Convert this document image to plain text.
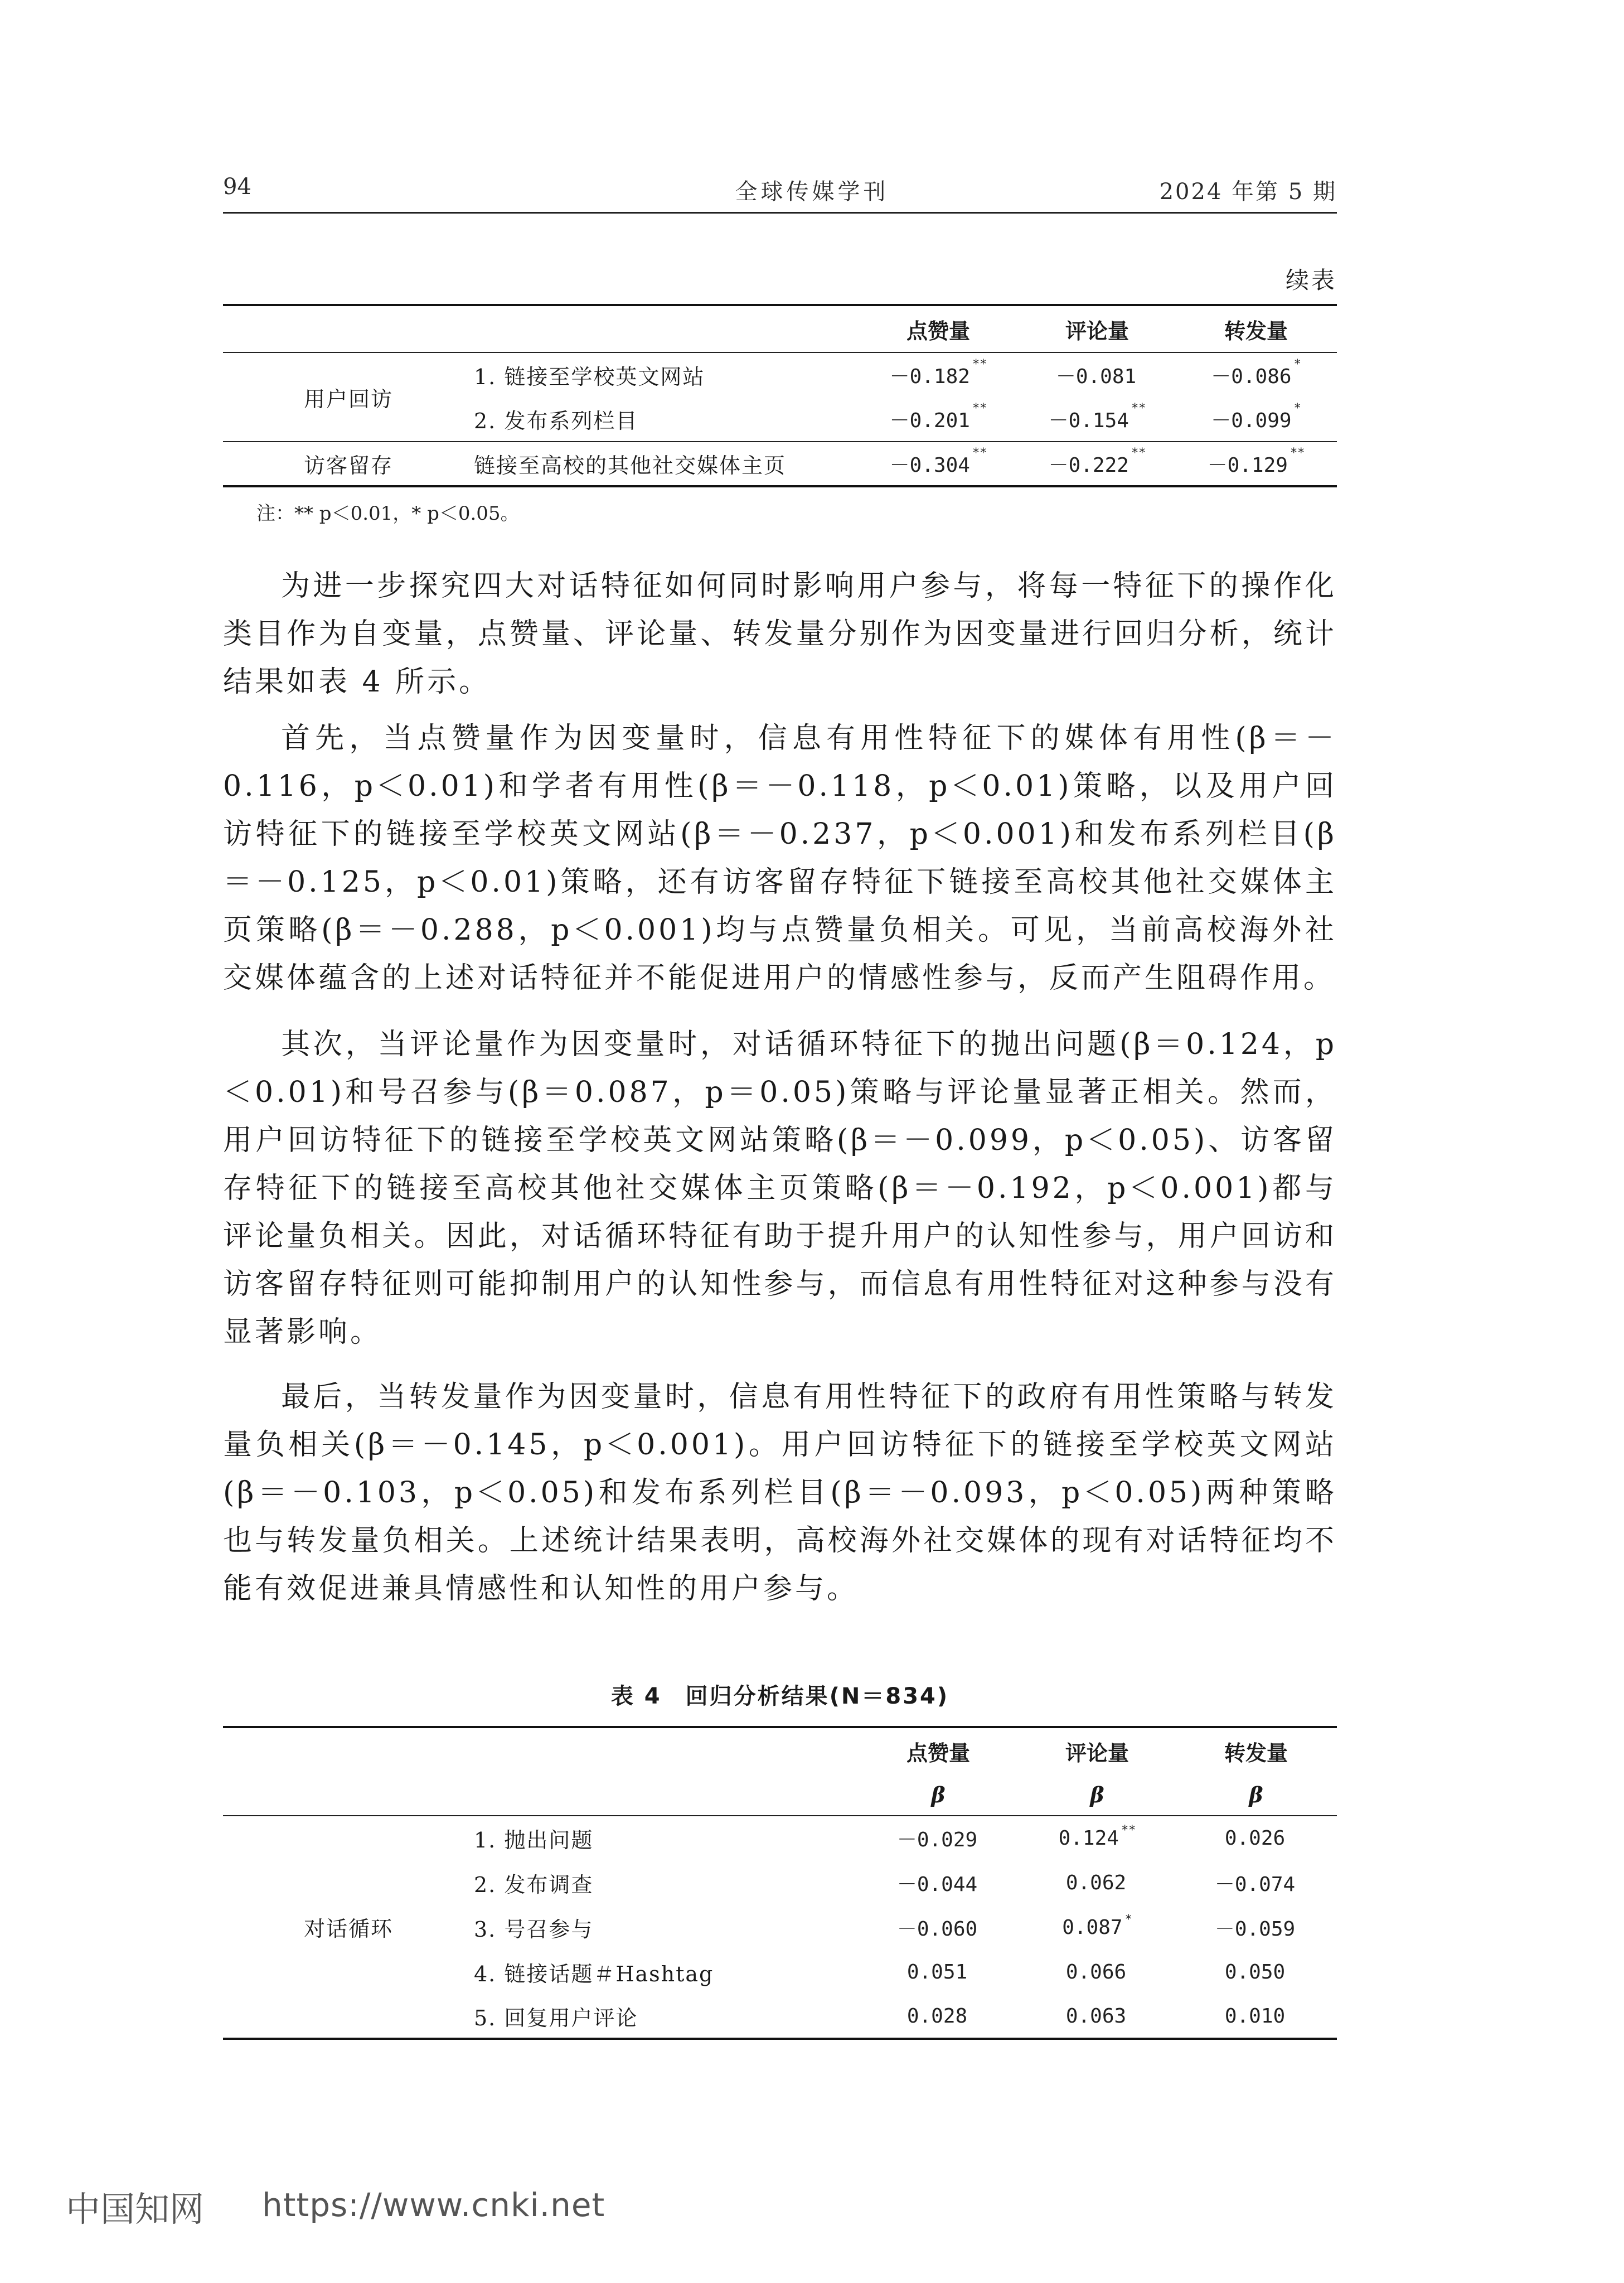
94	全球传媒学刊	2024 年第 5 期
续表
		点赞量	评论量	转发量
用户回访	1. 链接至学校英文网站	－0.182**	－0.081	－0.086*
	2. 发布系列栏目	－0.201**	－0.154**	－0.099*
访客留存	链接至高校的其他社交媒体主页	－0.304**	－0.222**	－0.129**
注：** p＜0.01，* p＜0.05。

为进一步探究四大对话特征如何同时影响用户参与，将每一特征下的操作化类目作为自变量，点赞量、评论量、转发量分别作为因变量进行回归分析，统计结果如表 4 所示。

首先，当点赞量作为因变量时，信息有用性特征下的媒体有用性(β＝－0.116，p＜0.01)和学者有用性(β＝－0.118，p＜0.01)策略，以及用户回访特征下的链接至学校英文网站(β＝－0.237，p＜0.001)和发布系列栏目(β＝－0.125，p＜0.01)策略，还有访客留存特征下链接至高校其他社交媒体主页策略(β＝－0.288，p＜0.001)均与点赞量负相关。可见，当前高校海外社交媒体蕴含的上述对话特征并不能促进用户的情感性参与，反而产生阻碍作用。

其次，当评论量作为因变量时，对话循环特征下的抛出问题(β＝0.124，p＜0.01)和号召参与(β＝0.087，p＝0.05)策略与评论量显著正相关。然而，用户回访特征下的链接至学校英文网站策略(β＝－0.099，p＜0.05)、访客留存特征下的链接至高校其他社交媒体主页策略(β＝－0.192，p＜0.001)都与评论量负相关。因此，对话循环特征有助于提升用户的认知性参与，用户回访和访客留存特征则可能抑制用户的认知性参与，而信息有用性特征对这种参与没有显著影响。

最后，当转发量作为因变量时，信息有用性特征下的政府有用性策略与转发量负相关(β＝－0.145，p＜0.001)。用户回访特征下的链接至学校英文网站(β＝－0.103，p＜0.05)和发布系列栏目(β＝－0.093，p＜0.05)两种策略也与转发量负相关。上述统计结果表明，高校海外社交媒体的现有对话特征均不能有效促进兼具情感性和认知性的用户参与。

表 4　回归分析结果(N＝834)
		点赞量	评论量	转发量
		β	β	β
对话循环	1. 抛出问题	－0.029	0.124 **	0.026
	2. 发布调查	－0.044	0.062	－0.074
	3. 号召参与	－0.060	0.087 *	－0.059
	4. 链接话题＃Hashtag	0.051	0.066	0.050
	5. 回复用户评论	0.028	0.063	0.010
中国知网 https://www.cnki.net
